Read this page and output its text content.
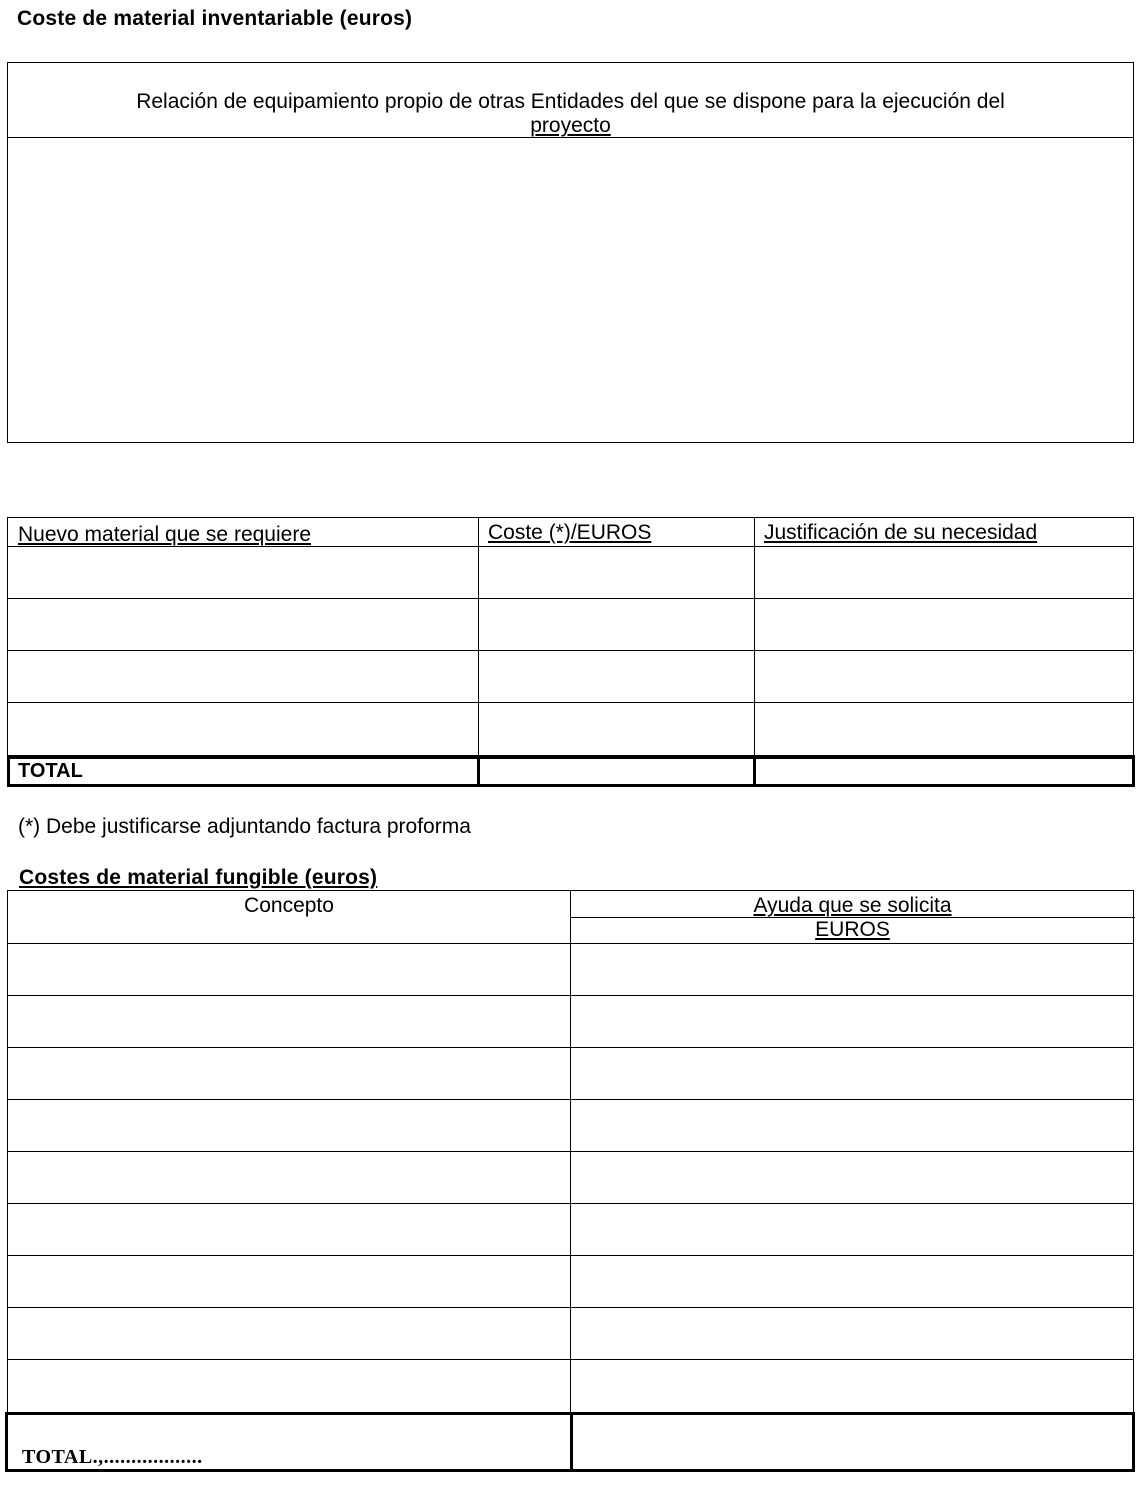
Coste de material inventariable (euros)
Relación de equipamiento propio de otras Entidades del que se dispone para la ejecución del
proyecto
Nuevo material que se requiere	Coste (*)/EUROS	Justificación de su necesidad
TOTAL
(*) Debe justificarse adjuntando factura proforma
Costes de material fungible (euros)
Concepto	Ayuda que se solicita
EUROS
TOTAL.,..................
